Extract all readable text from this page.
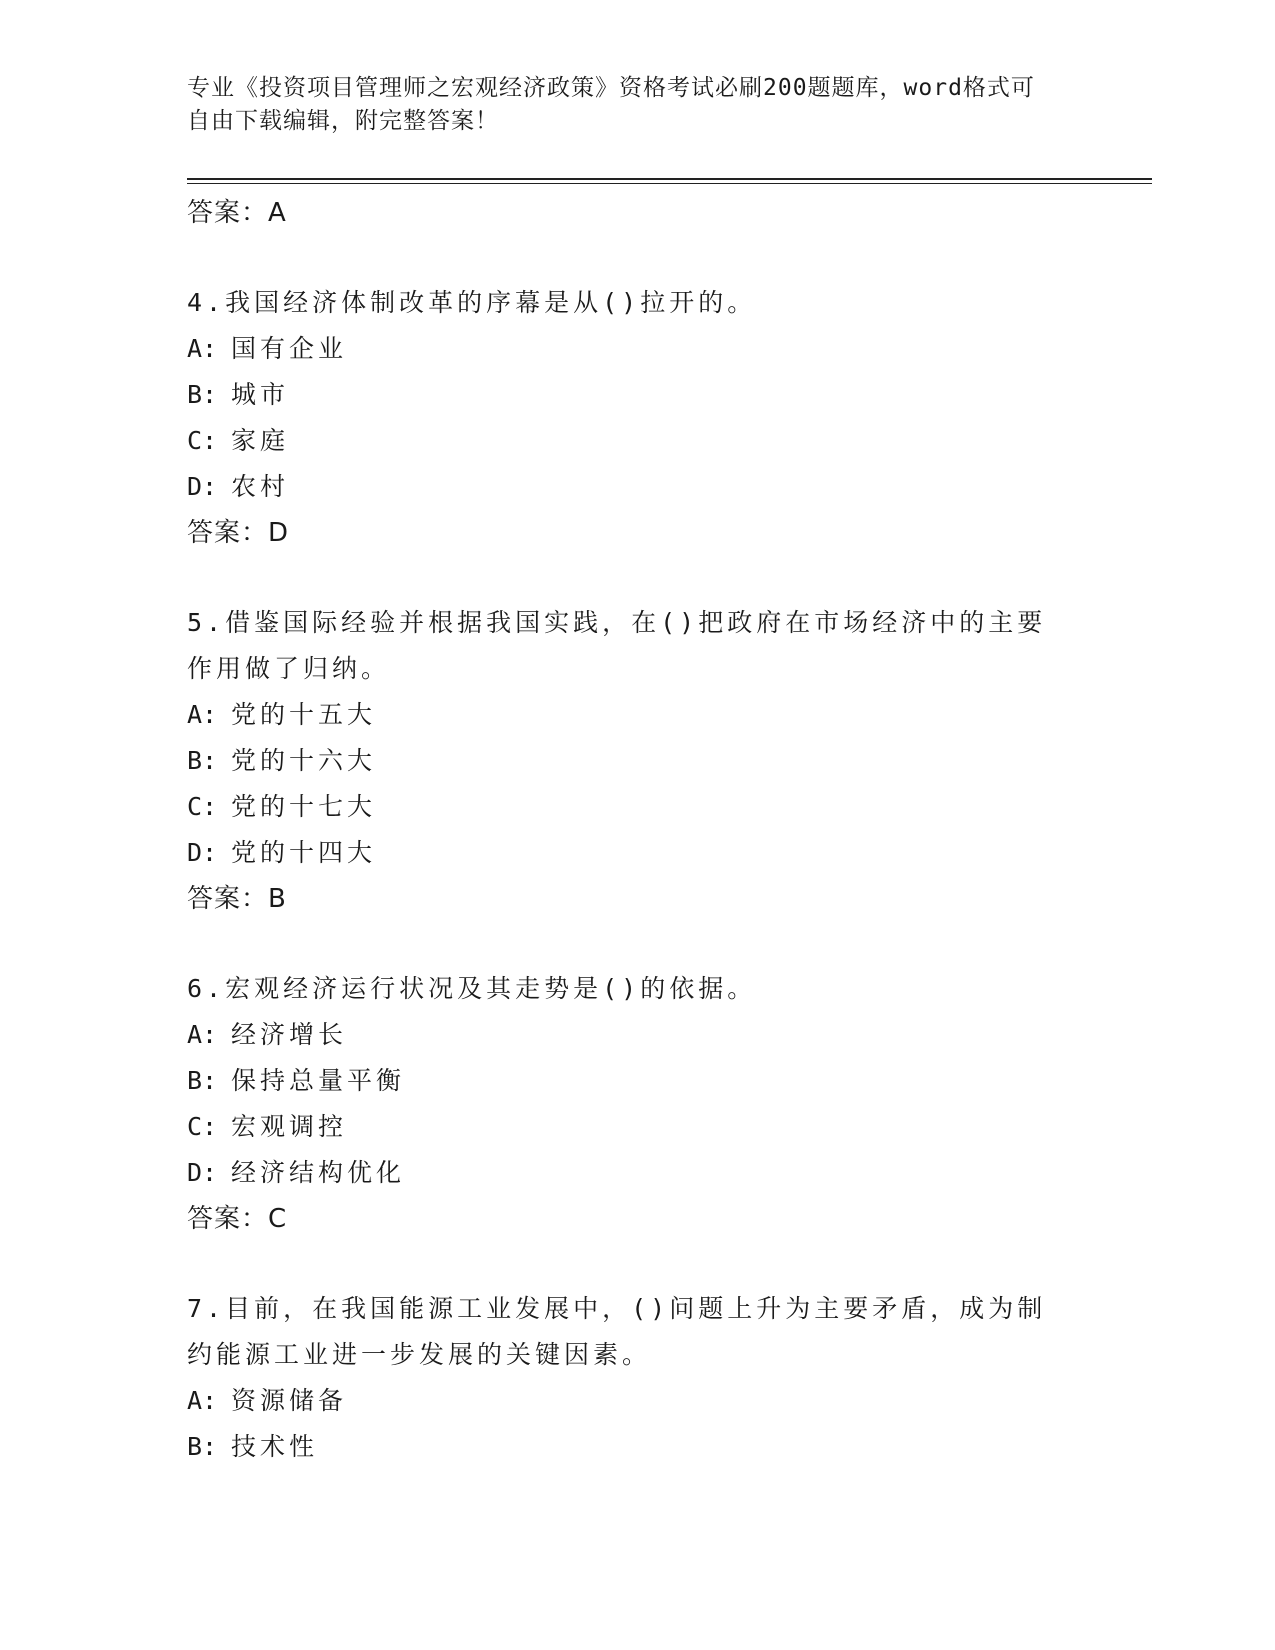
专业《投资项目管理师之宏观经济政策》资格考试必刷200题题库，word格式可
自由下载编辑，附完整答案！
答案：A
4.我国经济体制改革的序幕是从()拉开的。
A: 国有企业
B: 城市
C: 家庭
D: 农村
答案：D
5.借鉴国际经验并根据我国实践，在()把政府在市场经济中的主要作用做了归纳。
A: 党的十五大
B: 党的十六大
C: 党的十七大
D: 党的十四大
答案：B
6.宏观经济运行状况及其走势是()的依据。
A: 经济增长
B: 保持总量平衡
C: 宏观调控
D: 经济结构优化
答案：C
7.目前，在我国能源工业发展中，()问题上升为主要矛盾，成为制约能源工业进一步发展的关键因素。
A: 资源储备
B: 技术性
